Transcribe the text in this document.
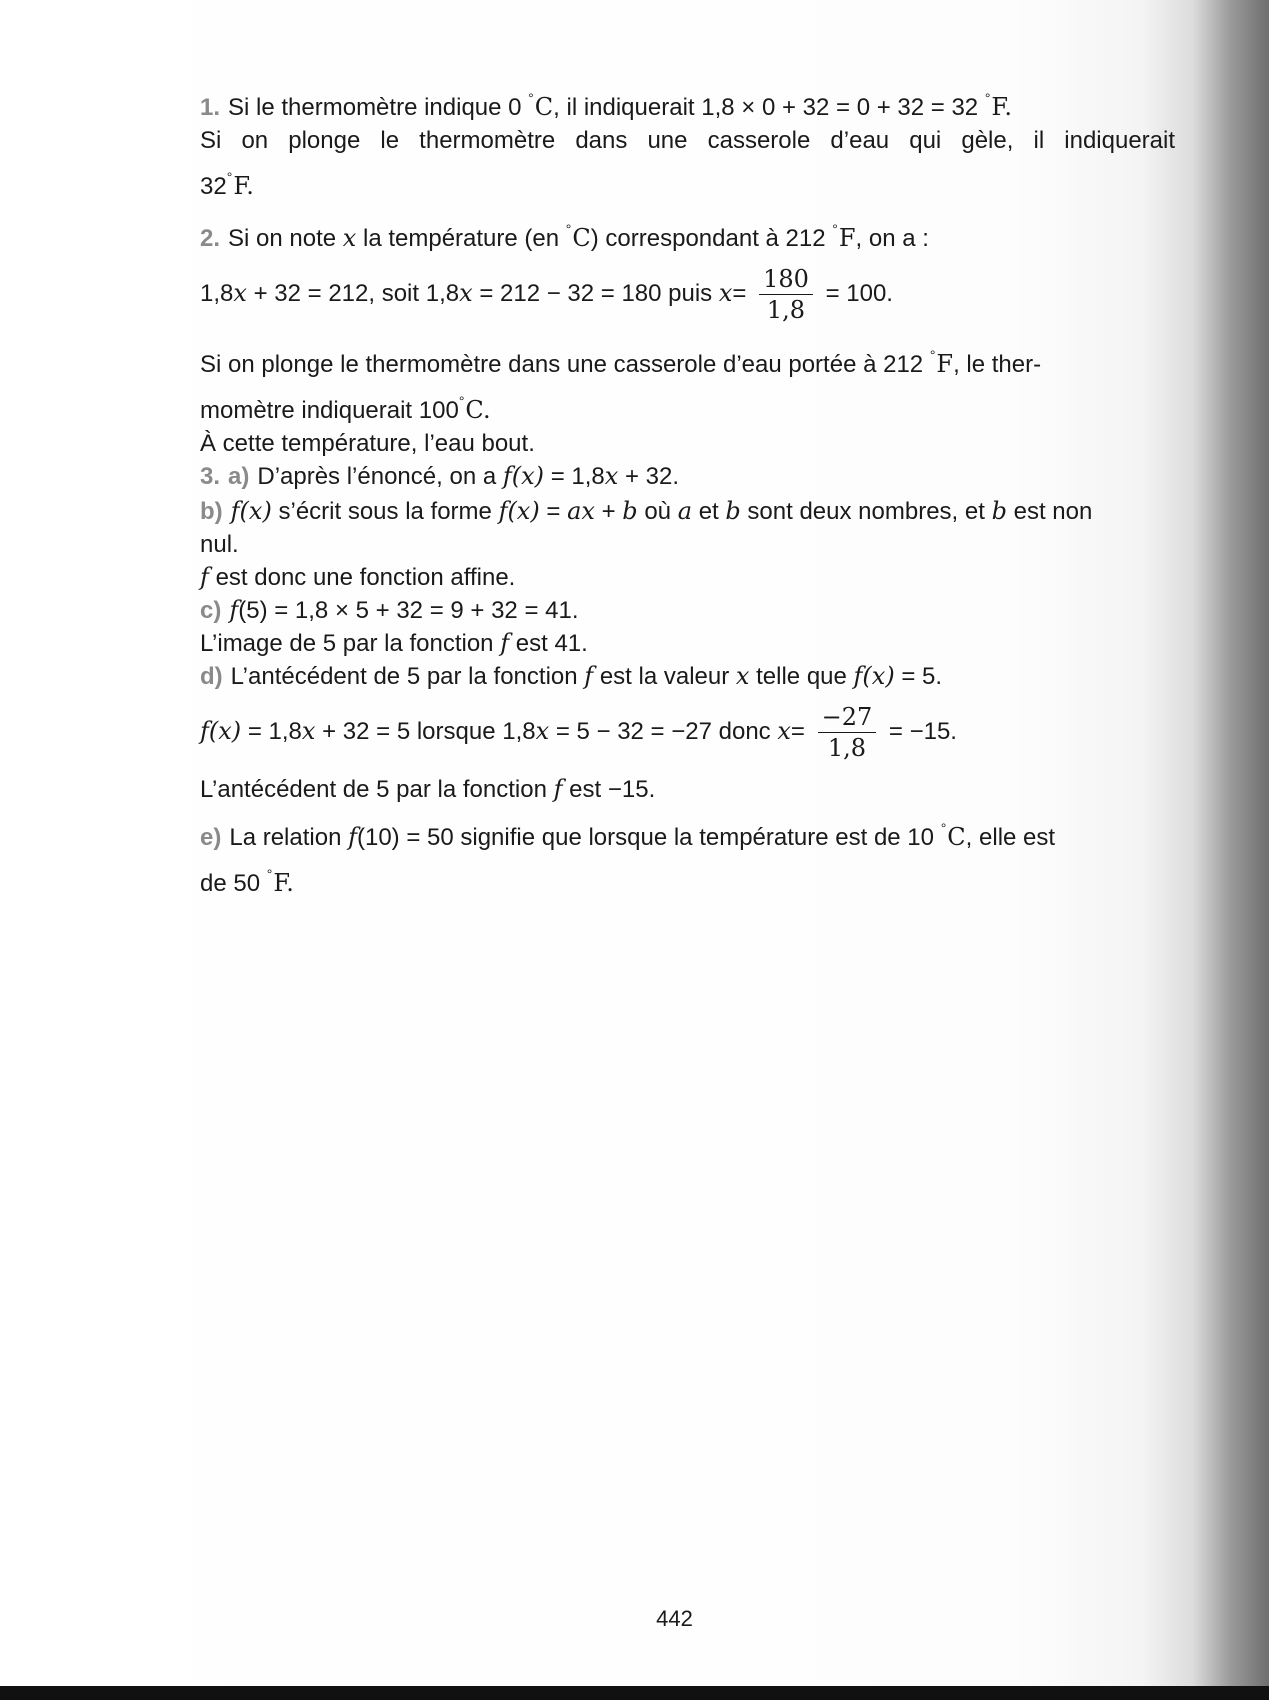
1. Si le thermomètre indique 0 °C, il indiquerait 1,8 × 0 + 32 = 0 + 32 = 32 °F.
Si on plonge le thermomètre dans une casserole d’eau qui gèle, il indiquerait
32°F.
2. Si on note x la température (en °C) correspondant à 212 °F, on a :
1,8x + 32 = 212, soit 1,8x = 212 − 32 = 180 puis $x= \frac{180}{1,8} = 100$.
Si on plonge le thermomètre dans une casserole d’eau portée à 212 °F, le ther-
momètre indiquerait 100°C.
À cette température, l’eau bout.
3. a) D’après l’énoncé, on a f(x) = 1,8x + 32.
b) f(x) s’écrit sous la forme f(x) = ax + b où a et b sont deux nombres, et b est non
nul.
f est donc une fonction affine.
c) f(5) = 1,8 × 5 + 32 = 9 + 32 = 41.
L’image de 5 par la fonction f est 41.
d) L’antécédent de 5 par la fonction f est la valeur x telle que f(x) = 5.
f(x) = 1,8x + 32 = 5 lorsque 1,8x = 5 − 32 = −27 donc $x= \frac{-27}{1,8} = -15$.
L’antécédent de 5 par la fonction f est −15.
e) La relation f(10) = 50 signifie que lorsque la température est de 10 °C, elle est
de 50 °F.
442
